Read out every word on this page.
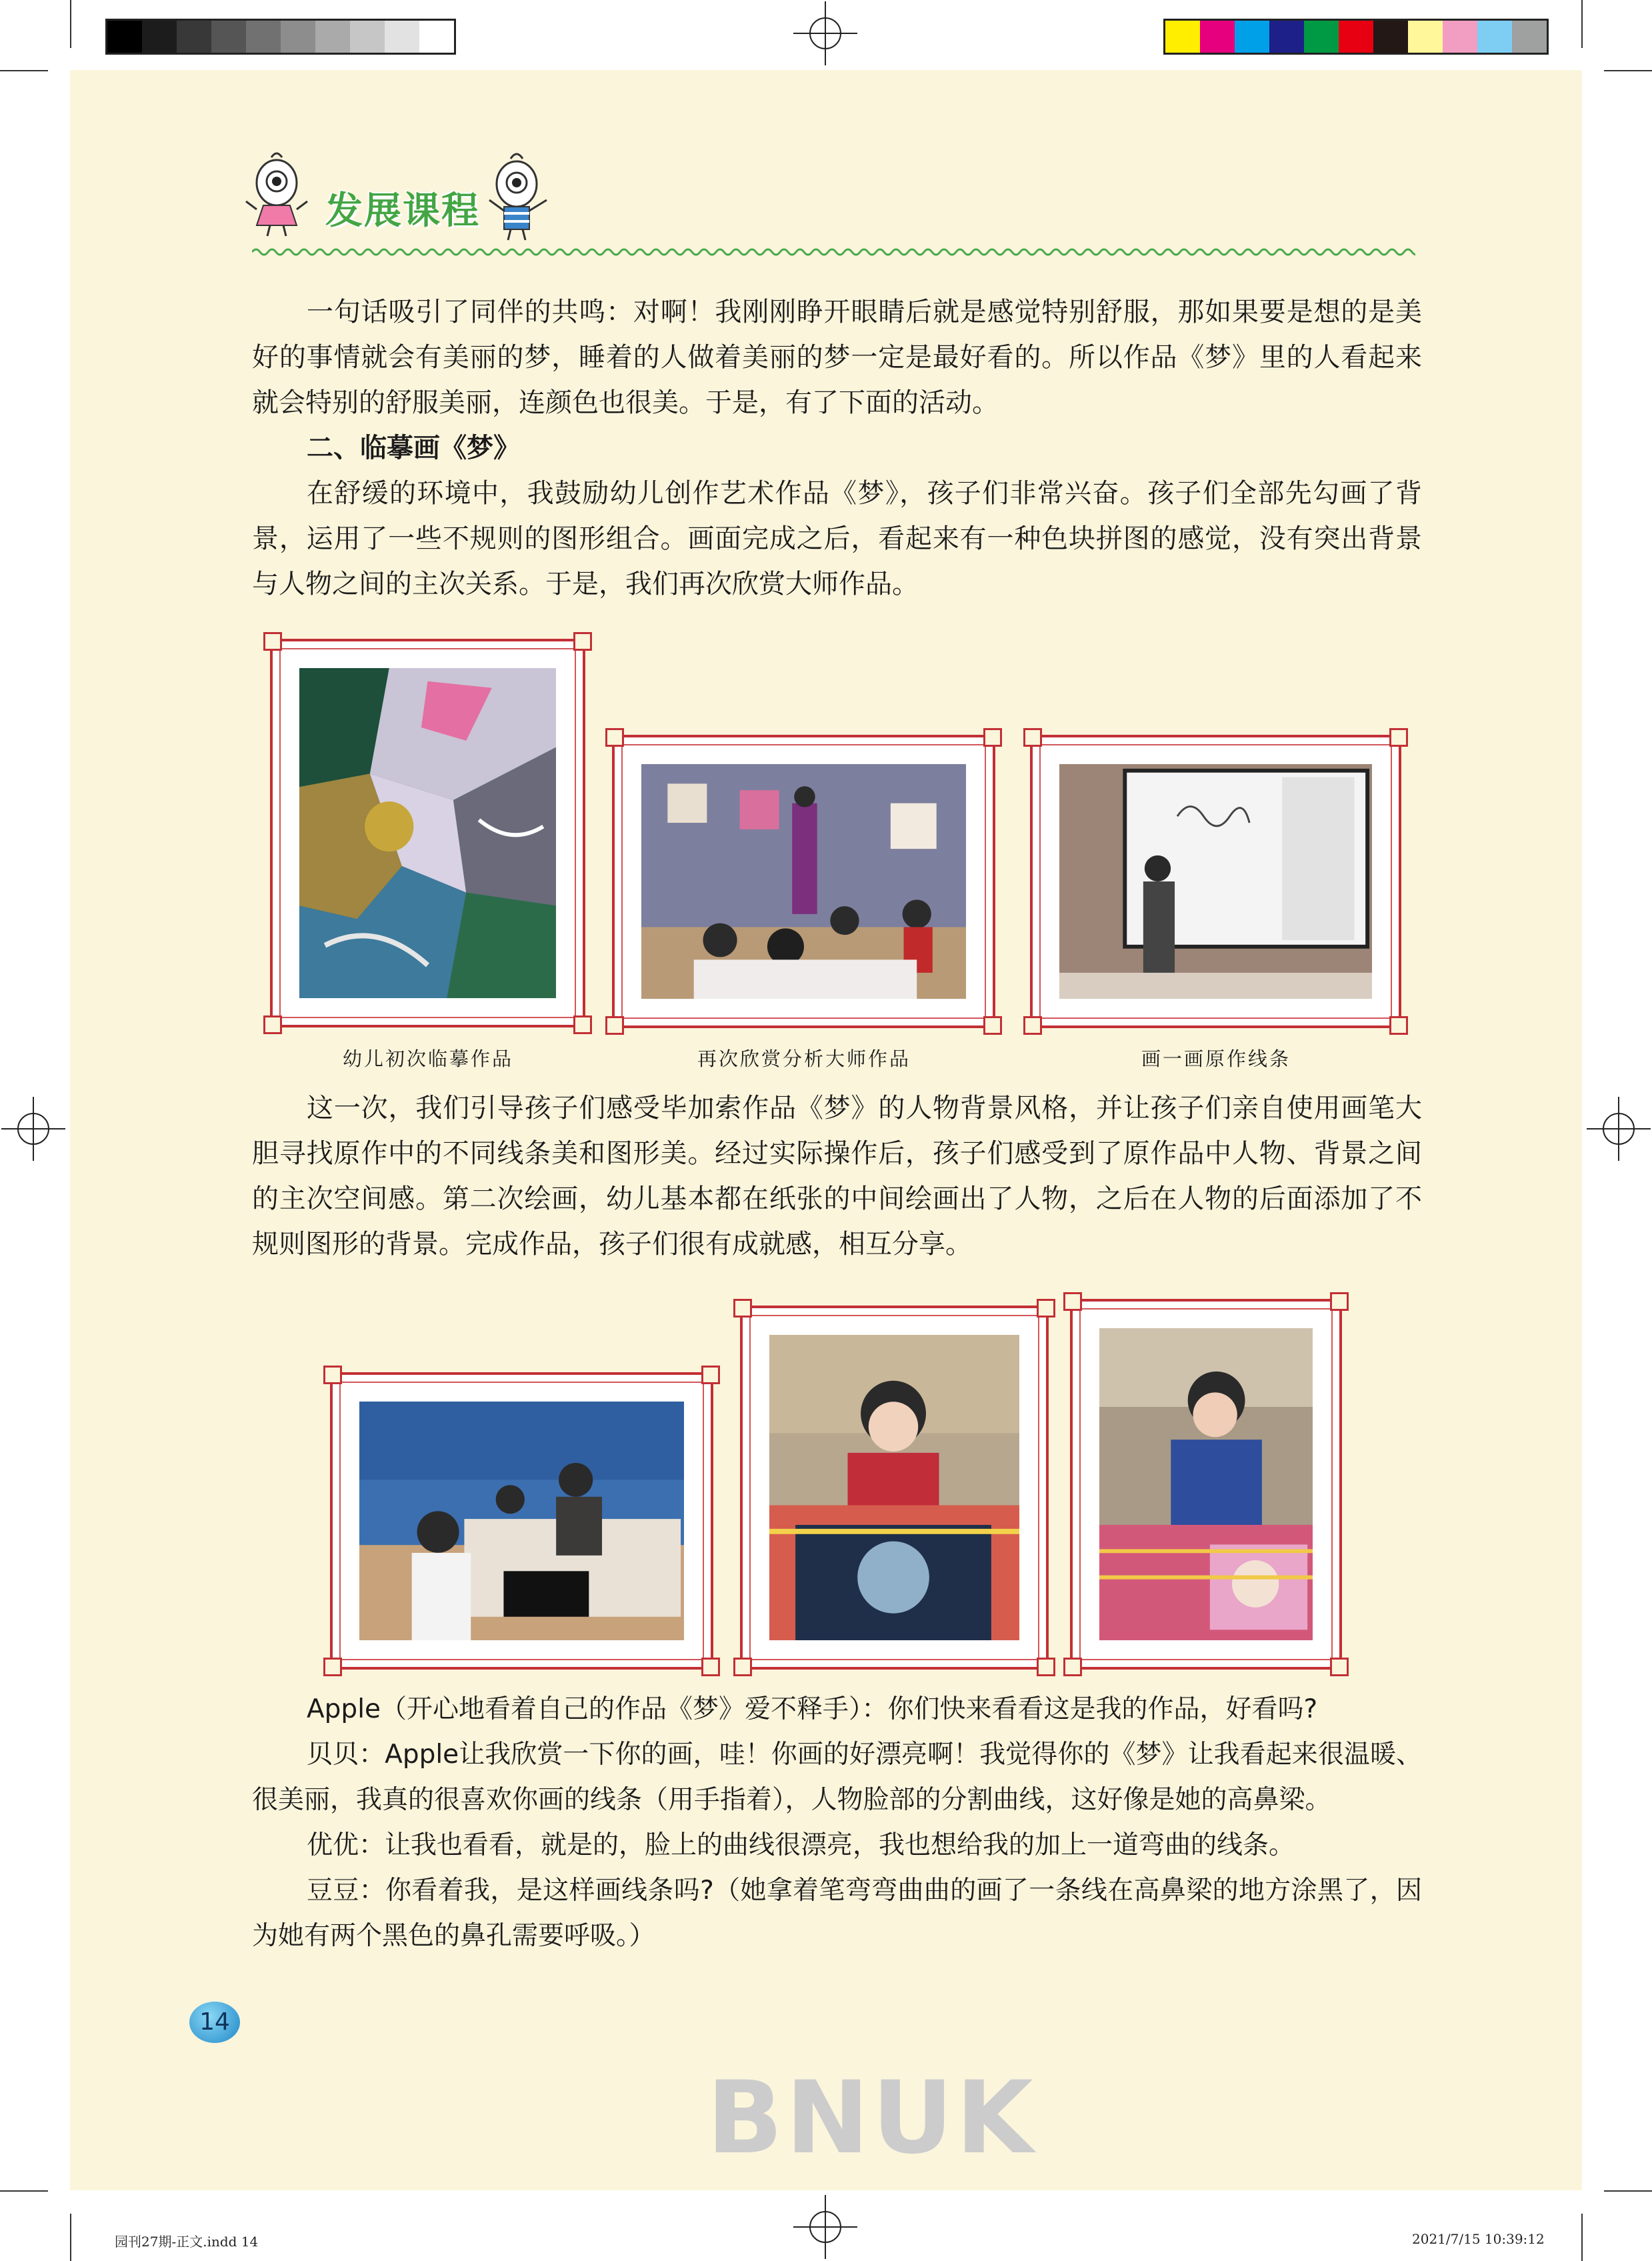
发展课程

一句话吸引了同伴的共鸣：对啊！我刚刚睁开眼睛后就是感觉特别舒服，那如果要是想的是美好的事情就会有美丽的梦，睡着的人做着美丽的梦一定是最好看的。所以作品《梦》里的人看起来就会特别的舒服美丽，连颜色也很美。于是，有了下面的活动。

二、临摹画《梦》

在舒缓的环境中，我鼓励幼儿创作艺术作品《梦》，孩子们非常兴奋。孩子们全部先勾画了背景，运用了一些不规则的图形组合。画面完成之后，看起来有一种色块拼图的感觉，没有突出背景与人物之间的主次关系。于是，我们再次欣赏大师作品。

幼儿初次临摹作品	再次欣赏分析大师作品	画一画原作线条

这一次，我们引导孩子们感受毕加索作品《梦》的人物背景风格，并让孩子们亲自使用画笔大胆寻找原作中的不同线条美和图形美。经过实际操作后，孩子们感受到了原作品中人物、背景之间的主次空间感。第二次绘画，幼儿基本都在纸张的中间绘画出了人物，之后在人物的后面添加了不规则图形的背景。完成作品，孩子们很有成就感，相互分享。

Apple（开心地看着自己的作品《梦》爱不释手）：你们快来看看这是我的作品，好看吗?

贝贝：Apple让我欣赏一下你的画，哇！你画的好漂亮啊！我觉得你的《梦》让我看起来很温暖、很美丽，我真的很喜欢你画的线条（用手指着），人物脸部的分割曲线，这好像是她的高鼻梁。

优优：让我也看看，就是的，脸上的曲线很漂亮，我也想给我的加上一道弯曲的线条。

豆豆：你看着我，是这样画线条吗?（她拿着笔弯弯曲曲的画了一条线在高鼻梁的地方涂黑了，因为她有两个黑色的鼻孔需要呼吸。）

14
BNUK
园刊27期-正文.indd 14	2021/7/15 10:39:12
